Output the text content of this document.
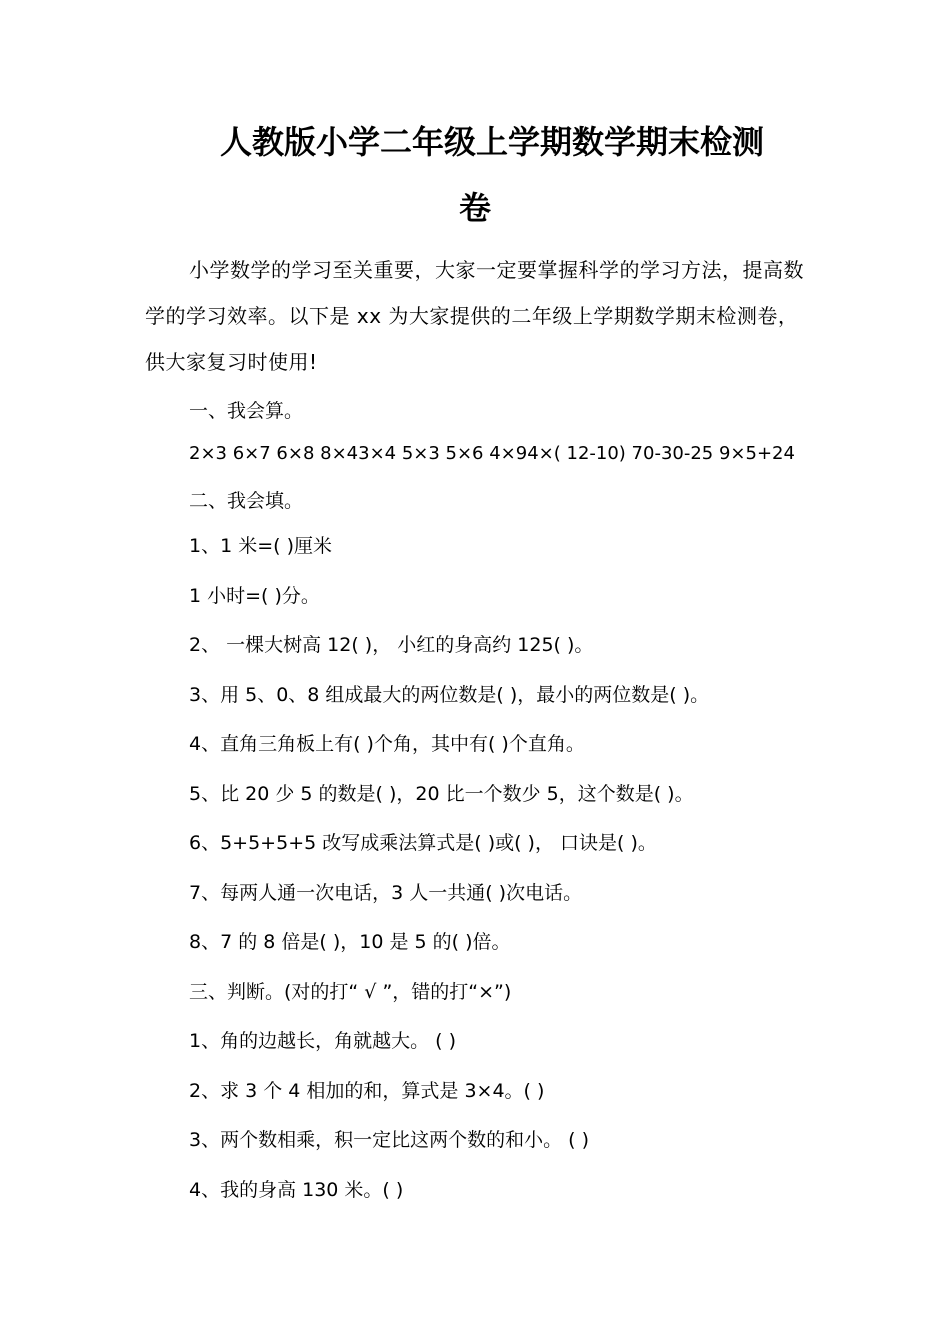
人教版小学二年级上学期数学期末检测
卷
小学数学的学习至关重要，大家一定要掌握科学的学习方法，提高数学的学习效率。以下是 xx 为大家提供的二年级上学期数学期末检测卷，供大家复习时使用!
一、我会算。
2×3 6×7 6×8 8×43×4 5×3 5×6 4×94×( 12-10) 70-30-25 9×5+24
二、我会填。
1、1 米=( )厘米
1 小时=( )分。
2、 一棵大树高 12( )， 小红的身高约 125( )。
3、用 5、0、8 组成最大的两位数是( )，最小的两位数是( )。
4、直角三角板上有( )个角，其中有( )个直角。
5、比 20 少 5 的数是( )，20 比一个数少 5，这个数是( )。
6、5+5+5+5 改写成乘法算式是( )或( )， 口诀是( )。
7、每两人通一次电话，3 人一共通( )次电话。
8、7 的 8 倍是( )，10 是 5 的( )倍。
三、判断。(对的打“ √ ”，错的打“×”)
1、角的边越长，角就越大。 ( )
2、求 3 个 4 相加的和，算式是 3×4。( )
3、两个数相乘，积一定比这两个数的和小。 ( )
4、我的身高 130 米。( )
